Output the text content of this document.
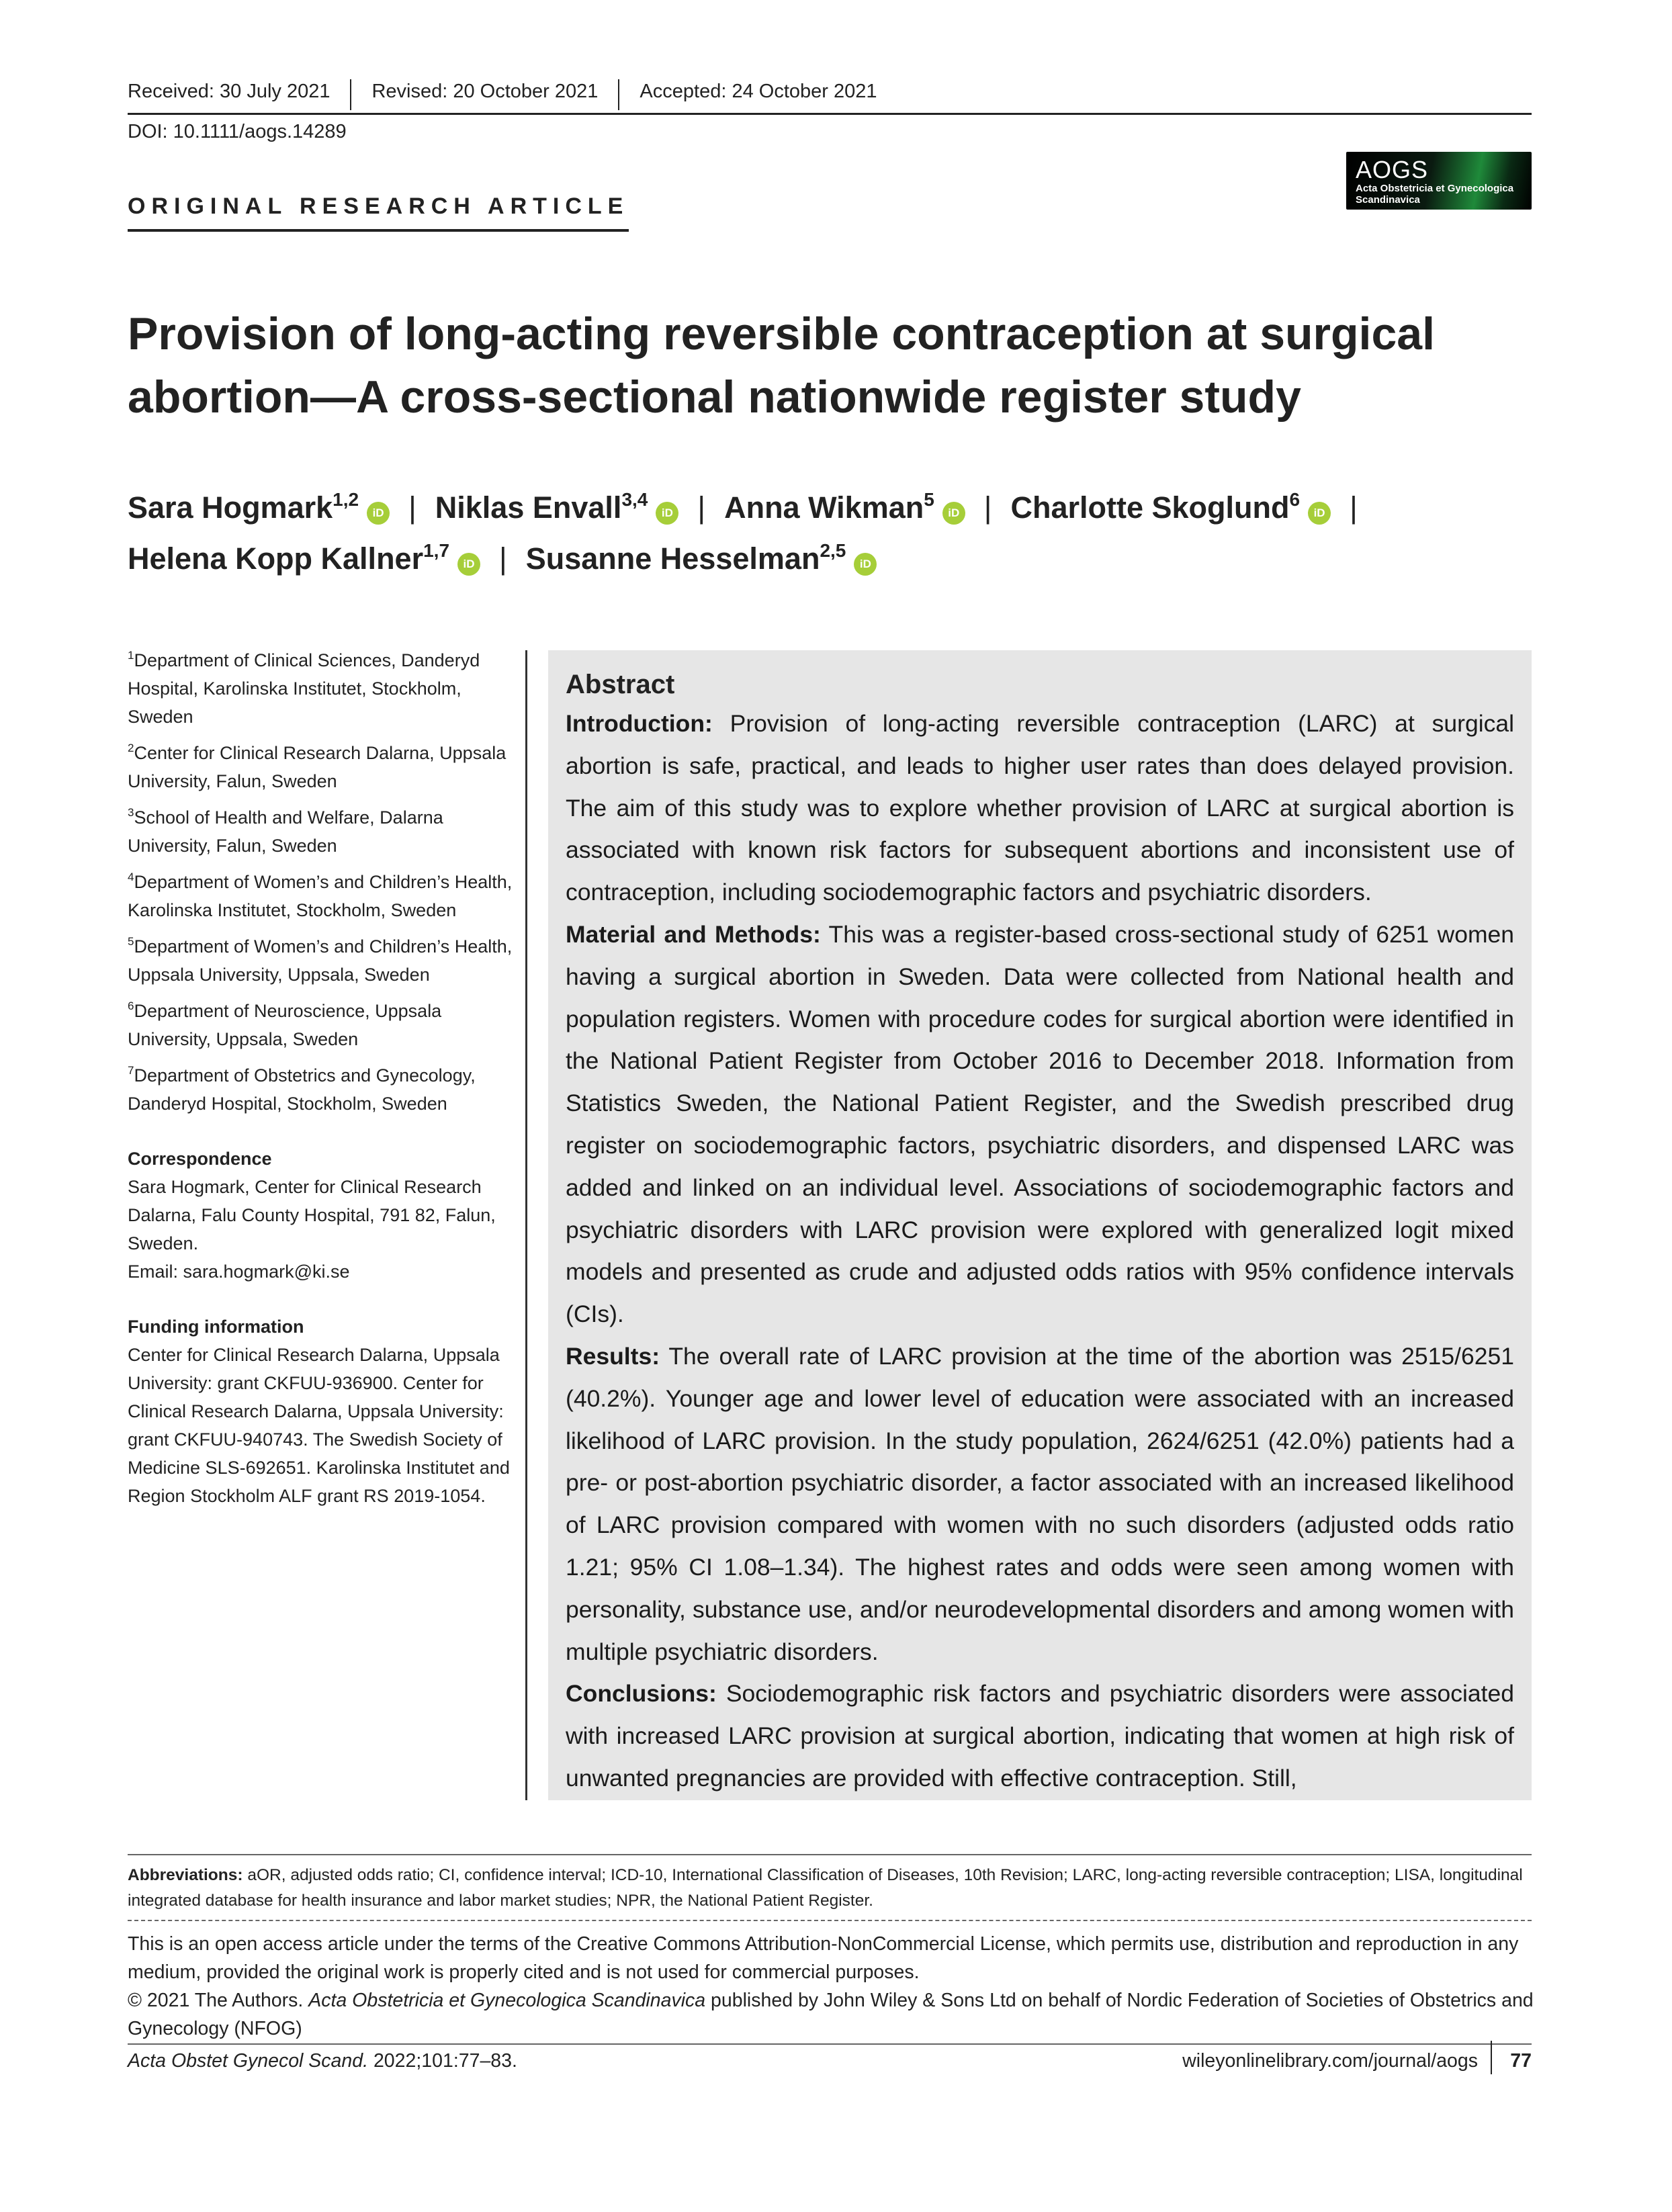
Received: 30 July 2021	Revised: 20 October 2021	Accepted: 24 October 2021
DOI: 10.1111/aogs.14289
ORIGINAL RESEARCH ARTICLE
AOGS
Acta Obstetricia et Gynecologica
Scandinavica
Provision of long-acting reversible contraception at surgical abortion—A cross-sectional nationwide register study
Sara Hogmark$^{1,2}$iD | Niklas Envall$^{3,4}$iD | Anna Wikman$^5$iD | Charlotte Skoglund$^6$iD |
Helena Kopp Kallner$^{1,7}$iD | Susanne Hesselman$^{2,5}$iD
$^1$Department of Clinical Sciences, Danderyd Hospital, Karolinska Institutet, Stockholm, Sweden
$^2$Center for Clinical Research Dalarna, Uppsala University, Falun, Sweden
$^3$School of Health and Welfare, Dalarna University, Falun, Sweden
$^4$Department of Women’s and Children’s Health, Karolinska Institutet, Stockholm, Sweden
$^5$Department of Women’s and Children’s Health, Uppsala University, Uppsala, Sweden
$^6$Department of Neuroscience, Uppsala University, Uppsala, Sweden
$^7$Department of Obstetrics and Gynecology, Danderyd Hospital, Stockholm, Sweden
Correspondence
Sara Hogmark, Center for Clinical Research Dalarna, Falu County Hospital, 791 82, Falun, Sweden.
Email: sara.hogmark@ki.se
Funding information
Center for Clinical Research Dalarna, Uppsala University: grant CKFUU-936900. Center for Clinical Research Dalarna, Uppsala University: grant CKFUU-940743. The Swedish Society of Medicine SLS-692651. Karolinska Institutet and Region Stockholm ALF grant RS 2019-1054.
Abstract

Introduction: Provision of long-acting reversible contraception (LARC) at surgical abortion is safe, practical, and leads to higher user rates than does delayed provision. The aim of this study was to explore whether provision of LARC at surgical abortion is associated with known risk factors for subsequent abortions and inconsistent use of contraception, including sociodemographic factors and psychiatric disorders.

Material and Methods: This was a register-based cross-sectional study of 6251 women having a surgical abortion in Sweden. Data were collected from National health and population registers. Women with procedure codes for surgical abortion were identified in the National Patient Register from October 2016 to December 2018. Information from Statistics Sweden, the National Patient Register, and the Swedish prescribed drug register on sociodemographic factors, psychiatric disorders, and dispensed LARC was added and linked on an individual level. Associations of sociodemographic factors and psychiatric disorders with LARC provision were explored with generalized logit mixed models and presented as crude and adjusted odds ratios with 95% confidence intervals (CIs).

Results: The overall rate of LARC provision at the time of the abortion was 2515/6251 (40.2%). Younger age and lower level of education were associated with an increased likelihood of LARC provision. In the study population, 2624/6251 (42.0%) patients had a pre- or post-abortion psychiatric disorder, a factor associated with an increased likelihood of LARC provision compared with women with no such disorders (adjusted odds ratio 1.21; 95% CI 1.08–1.34). The highest rates and odds were seen among women with personality, substance use, and/or neurodevelopmental disorders and among women with multiple psychiatric disorders.

Conclusions: Sociodemographic risk factors and psychiatric disorders were associated with increased LARC provision at surgical abortion, indicating that women at high risk of unwanted pregnancies are provided with effective contraception. Still,

Abbreviations: aOR, adjusted odds ratio; CI, confidence interval; ICD-10, International Classification of Diseases, 10th Revision; LARC, long-acting reversible contraception; LISA, longitudinal integrated database for health insurance and labor market studies; NPR, the National Patient Register.

This is an open access article under the terms of the Creative Commons Attribution-NonCommercial License, which permits use, distribution and reproduction in any medium, provided the original work is properly cited and is not used for commercial purposes.

© 2021 The Authors. Acta Obstetricia et Gynecologica Scandinavica published by John Wiley & Sons Ltd on behalf of Nordic Federation of Societies of Obstetrics and Gynecology (NFOG)

Acta Obstet Gynecol Scand. 2022;101:77–83.	wileyonlinelibrary.com/journal/aogs	77
